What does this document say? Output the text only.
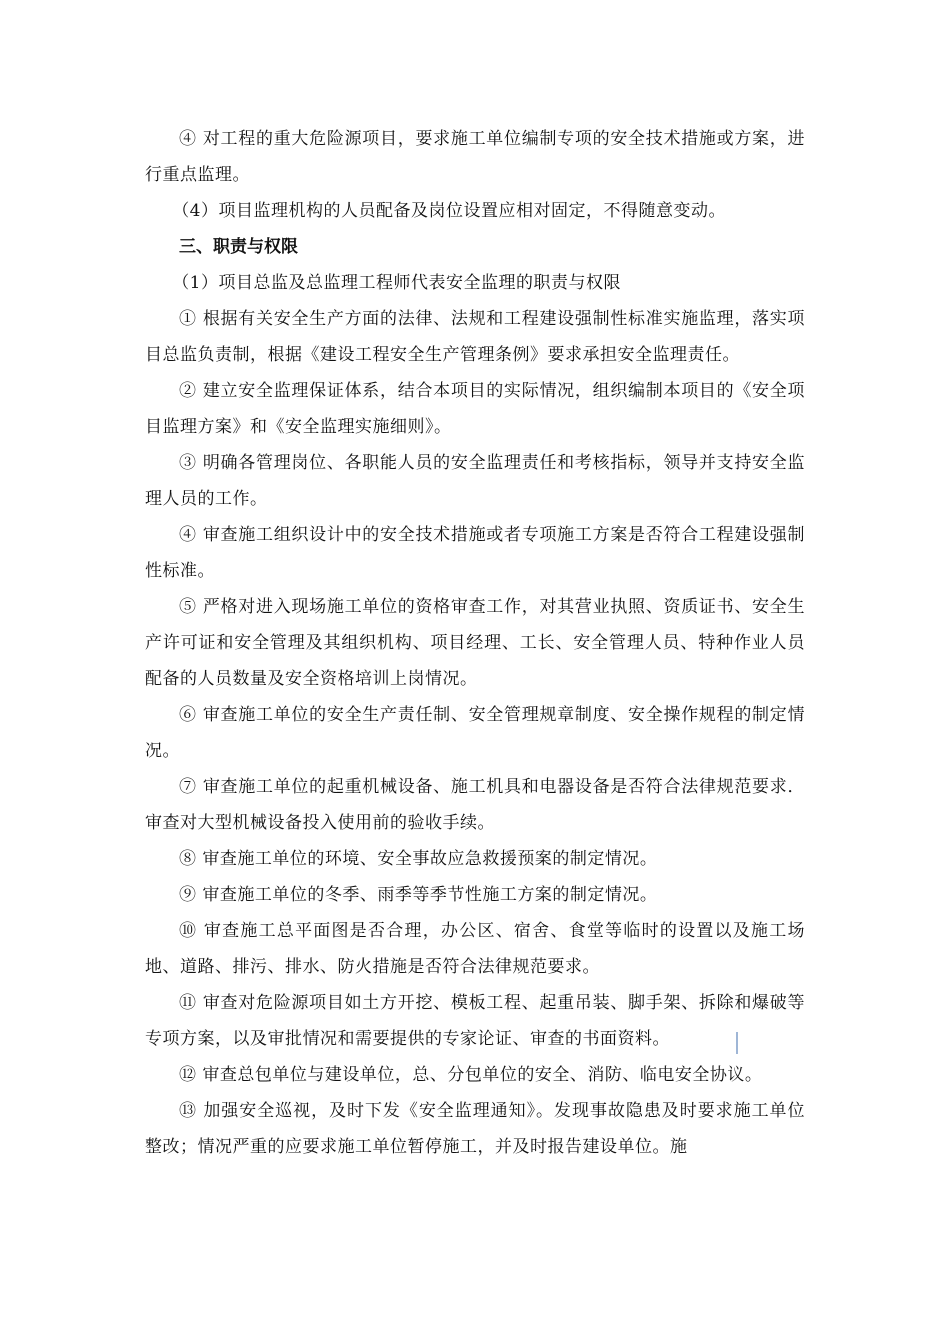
④ 对工程的重大危险源项目，要求施工单位编制专项的安全技术措施或方案，进行重点监理。

（4）项目监理机构的人员配备及岗位设置应相对固定，不得随意变动。

三、职责与权限

（1）项目总监及总监理工程师代表安全监理的职责与权限

① 根据有关安全生产方面的法律、法规和工程建设强制性标准实施监理，落实项目总监负责制，根据《建设工程安全生产管理条例》要求承担安全监理责任。

② 建立安全监理保证体系，结合本项目的实际情况，组织编制本项目的《安全项目监理方案》和《安全监理实施细则》。

③ 明确各管理岗位、各职能人员的安全监理责任和考核指标，领导并支持安全监理人员的工作。

④ 审查施工组织设计中的安全技术措施或者专项施工方案是否符合工程建设强制性标准。

⑤ 严格对进入现场施工单位的资格审查工作，对其营业执照、资质证书、安全生产许可证和安全管理及其组织机构、项目经理、工长、安全管理人员、特种作业人员配备的人员数量及安全资格培训上岗情况。

⑥ 审查施工单位的安全生产责任制、安全管理规章制度、安全操作规程的制定情况。

⑦ 审查施工单位的起重机械设备、施工机具和电器设备是否符合法律规范要求．审查对大型机械设备投入使用前的验收手续。

⑧ 审查施工单位的环境、安全事故应急救援预案的制定情况。

⑨ 审查施工单位的冬季、雨季等季节性施工方案的制定情况。

⑩ 审查施工总平面图是否合理，办公区、宿舍、食堂等临时的设置以及施工场地、道路、排污、排水、防火措施是否符合法律规范要求。

⑪ 审查对危险源项目如土方开挖、模板工程、起重吊装、脚手架、拆除和爆破等专项方案，以及审批情况和需要提供的专家论证、审查的书面资料。

⑫ 审查总包单位与建设单位，总、分包单位的安全、消防、临电安全协议。

⑬ 加强安全巡视，及时下发《安全监理通知》。发现事故隐患及时要求施工单位整改；情况严重的应要求施工单位暂停施工，并及时报告建设单位。施
